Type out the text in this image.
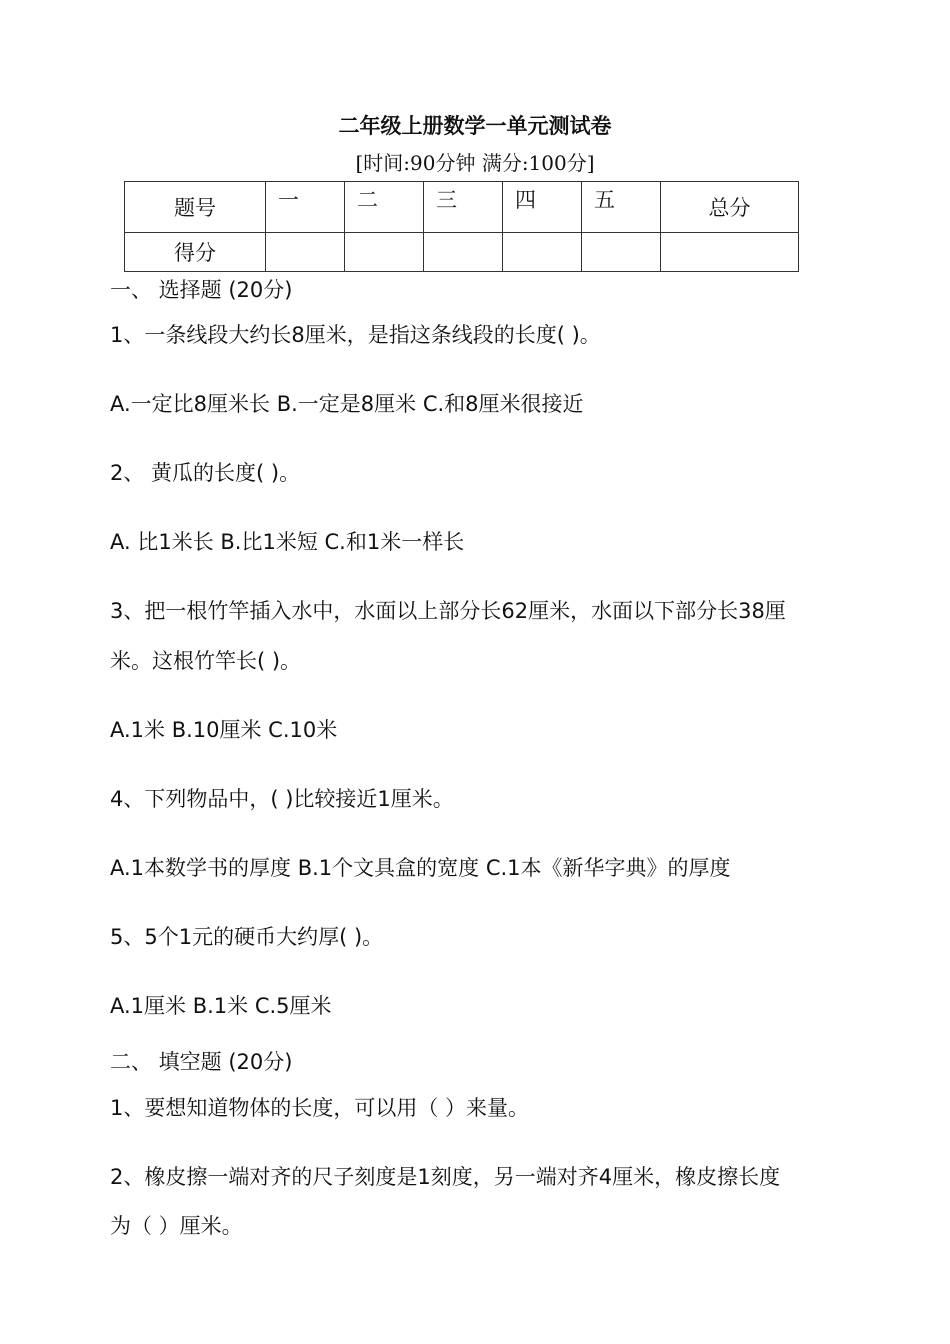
二年级上册数学一单元测试卷
[时间:90分钟 满分:100分]
题号	一	二	三	四	五	总分
得分						
一、 选择题 (20分)
1、一条线段大约长8厘米，是指这条线段的长度( )。
A.一定比8厘米长 B.一定是8厘米 C.和8厘米很接近
2、 黄瓜的长度( )。
A. 比1米长 B.比1米短 C.和1米一样长
3、把一根竹竿插入水中，水面以上部分长62厘米，水面以下部分长38厘
米。这根竹竿长( )。
A.1米 B.10厘米 C.10米
4、下列物品中，( )比较接近1厘米。
A.1本数学书的厚度 B.1个文具盒的宽度 C.1本《新华字典》的厚度
5、5个1元的硬币大约厚( )。
A.1厘米 B.1米 C.5厘米
二、 填空题 (20分)
1、要想知道物体的长度，可以用（ ）来量。
2、橡皮擦一端对齐的尺子刻度是1刻度，另一端对齐4厘米，橡皮擦长度
为（ ）厘米。
